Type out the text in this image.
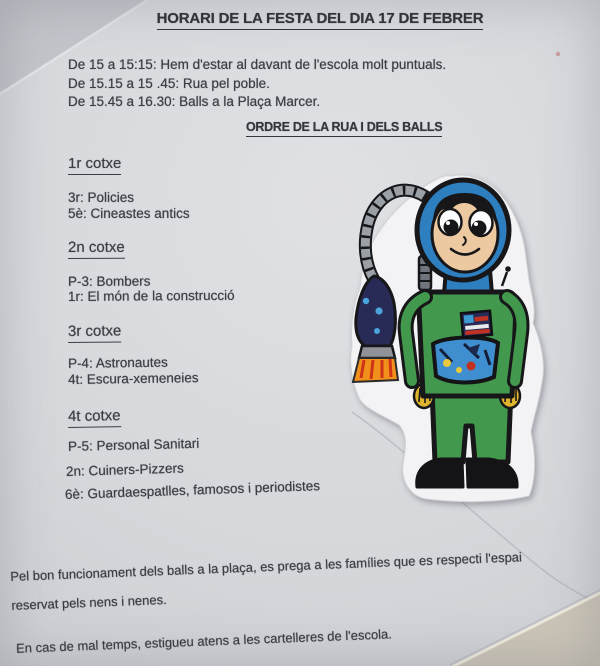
HORARI DE LA FESTA DEL DIA 17 DE FEBRER
De 15 a 15:15: Hem d'estar al davant de l'escola molt puntuals.
De 15.15 a 15 .45: Rua pel poble.
De 15.45 a 16.30: Balls a la Plaça Marcer.
ORDRE DE LA RUA I DELS BALLS
1r cotxe
3r: Policies
5è: Cineastes antics
2n cotxe
P-3: Bombers
1r: El món de la construcció
3r cotxe
P-4: Astronautes
4t: Escura-xemeneies
4t cotxe
P-5: Personal Sanitari
2n: Cuiners-Pizzers
6è: Guardaespatlles, famosos i periodistes
Pel bon funcionament dels balls a la plaça, es prega a les famílies que es respecti l'espai
reservat pels nens i nenes.
En cas de mal temps, estigueu atens a les cartelleres de l'escola.
